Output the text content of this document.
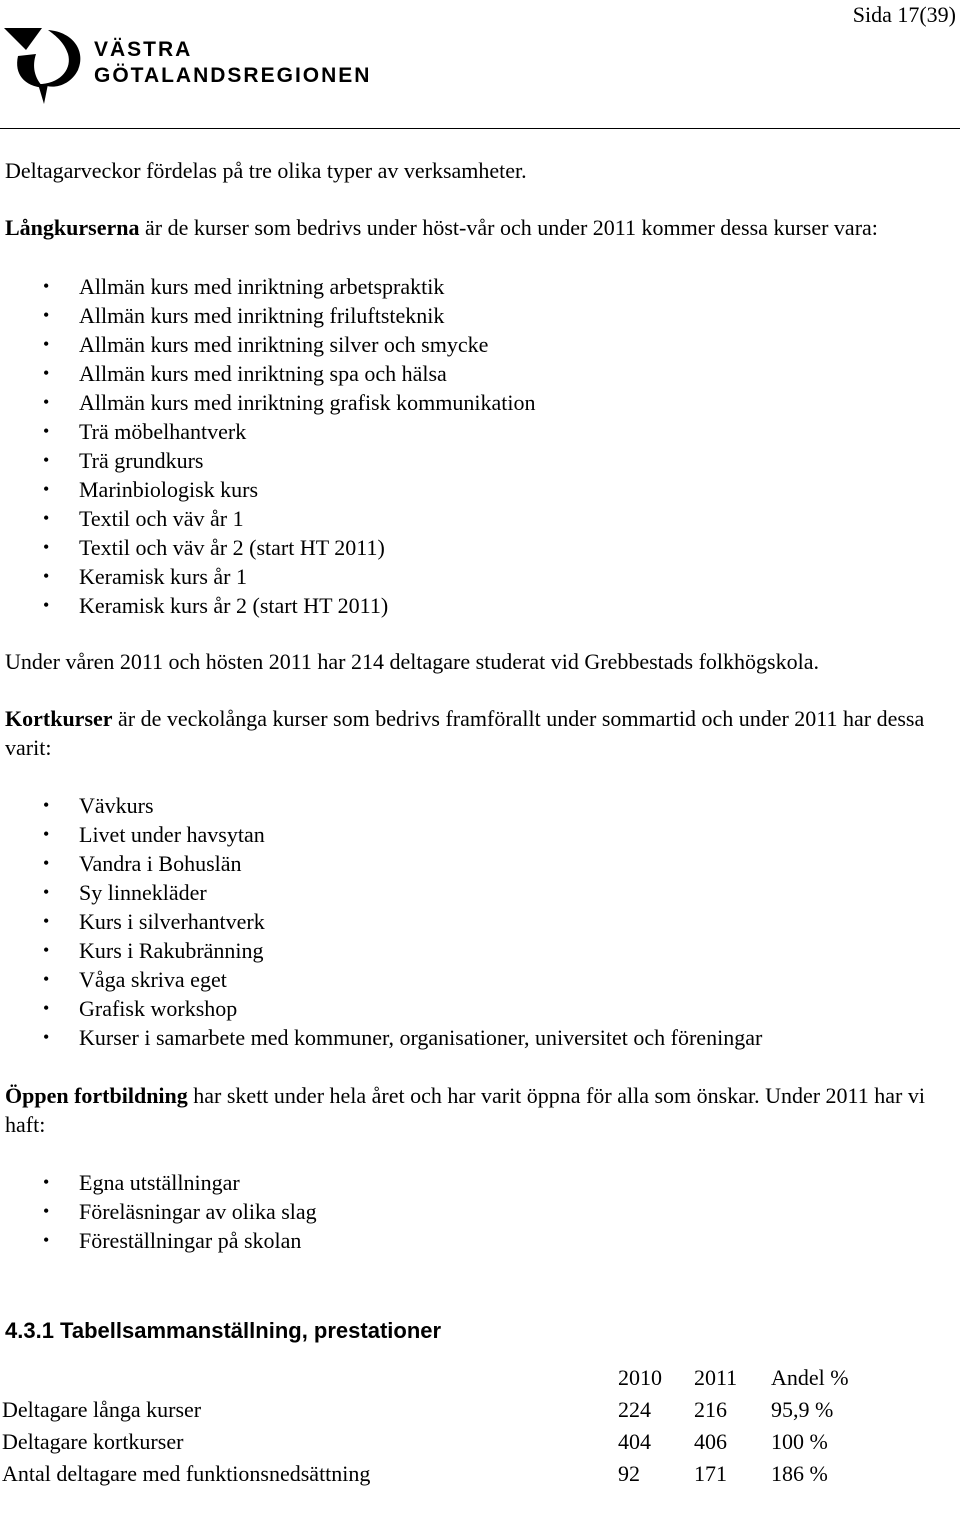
Sida 17(39)
VÄSTRA
GÖTALANDSREGIONEN

Deltagarveckor fördelas på tre olika typer av verksamheter.

Långkurserna är de kurser som bedrivs under höst-vår och under 2011 kommer dessa kurser vara:

• Allmän kurs med inriktning arbetspraktik
• Allmän kurs med inriktning friluftsteknik
• Allmän kurs med inriktning silver och smycke
• Allmän kurs med inriktning spa och hälsa
• Allmän kurs med inriktning grafisk kommunikation
• Trä möbelhantverk
• Trä grundkurs
• Marinbiologisk kurs
• Textil och väv år 1
• Textil och väv år 2 (start HT 2011)
• Keramisk kurs år 1
• Keramisk kurs år 2 (start HT 2011)

Under våren 2011 och hösten 2011 har 214 deltagare studerat vid Grebbestads folkhögskola.

Kortkurser är de veckolånga kurser som bedrivs framförallt under sommartid och under 2011 har dessa varit:

• Vävkurs
• Livet under havsytan
• Vandra i Bohuslän
• Sy linnekläder
• Kurs i silverhantverk
• Kurs i Rakubränning
• Våga skriva eget
• Grafisk workshop
• Kurser i samarbete med kommuner, organisationer, universitet och föreningar

Öppen fortbildning har skett under hela året och har varit öppna för alla som önskar. Under 2011 har vi haft:

• Egna utställningar
• Föreläsningar av olika slag
• Föreställningar på skolan
4.3.1 Tabellsammanställning, prestationer
	2010	2011	Andel %
Deltagare långa kurser	224	216	95,9 %
Deltagare kortkurser	404	406	100 %
Antal deltagare med funktionsnedsättning	92	171	186 %
